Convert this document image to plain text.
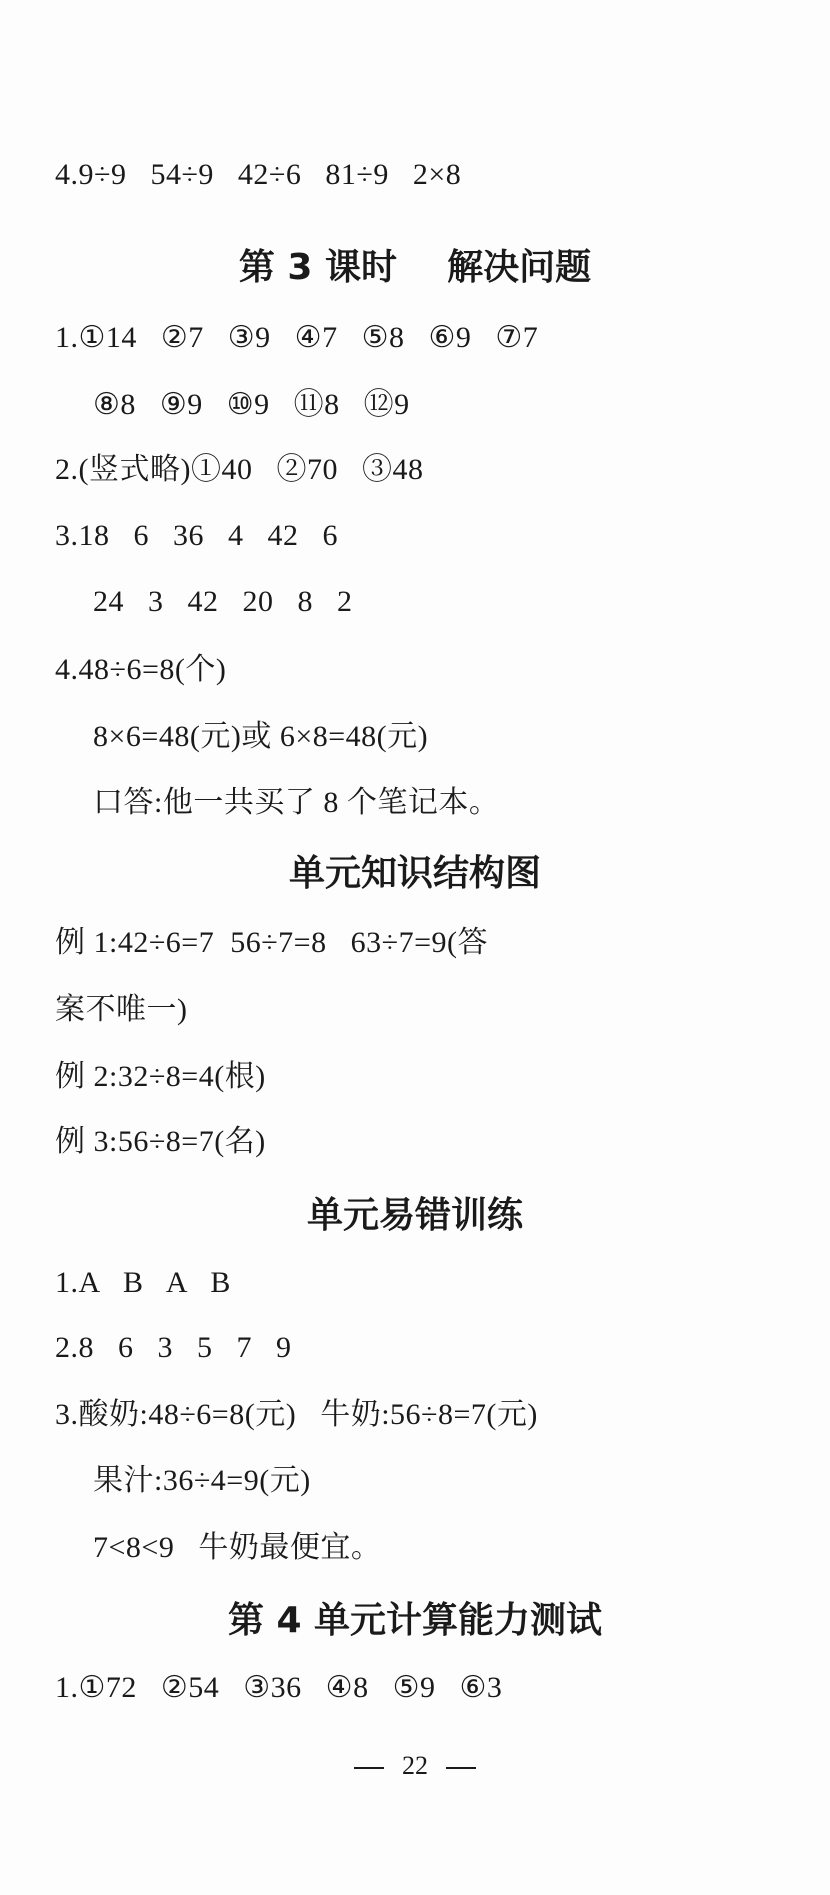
4.9÷9   54÷9   42÷6   81÷9   2×8
第 3 课时    解决问题
1.①14   ②7   ③9   ④7   ⑤8   ⑥9   ⑦7
⑧8   ⑨9   ⑩9   ⑪8   ⑫9
2.(竖式略)①40   ②70   ③48
3.18   6   36   4   42   6
24   3   42   20   8   2
4.48÷6=8(个)
8×6=48(元)或 6×8=48(元)
口答:他一共买了 8 个笔记本。
单元知识结构图
例 1:42÷6=7  56÷7=8   63÷7=9(答
案不唯一)
例 2:32÷8=4(根)
例 3:56÷8=7(名)
单元易错训练
1.A   B   A   B
2.8   6   3   5   7   9
3.酸奶:48÷6=8(元)   牛奶:56÷8=7(元)
果汁:36÷4=9(元)
7<8<9   牛奶最便宜。
第 4 单元计算能力测试
1.①72   ②54   ③36   ④8   ⑤9   ⑥3
22
